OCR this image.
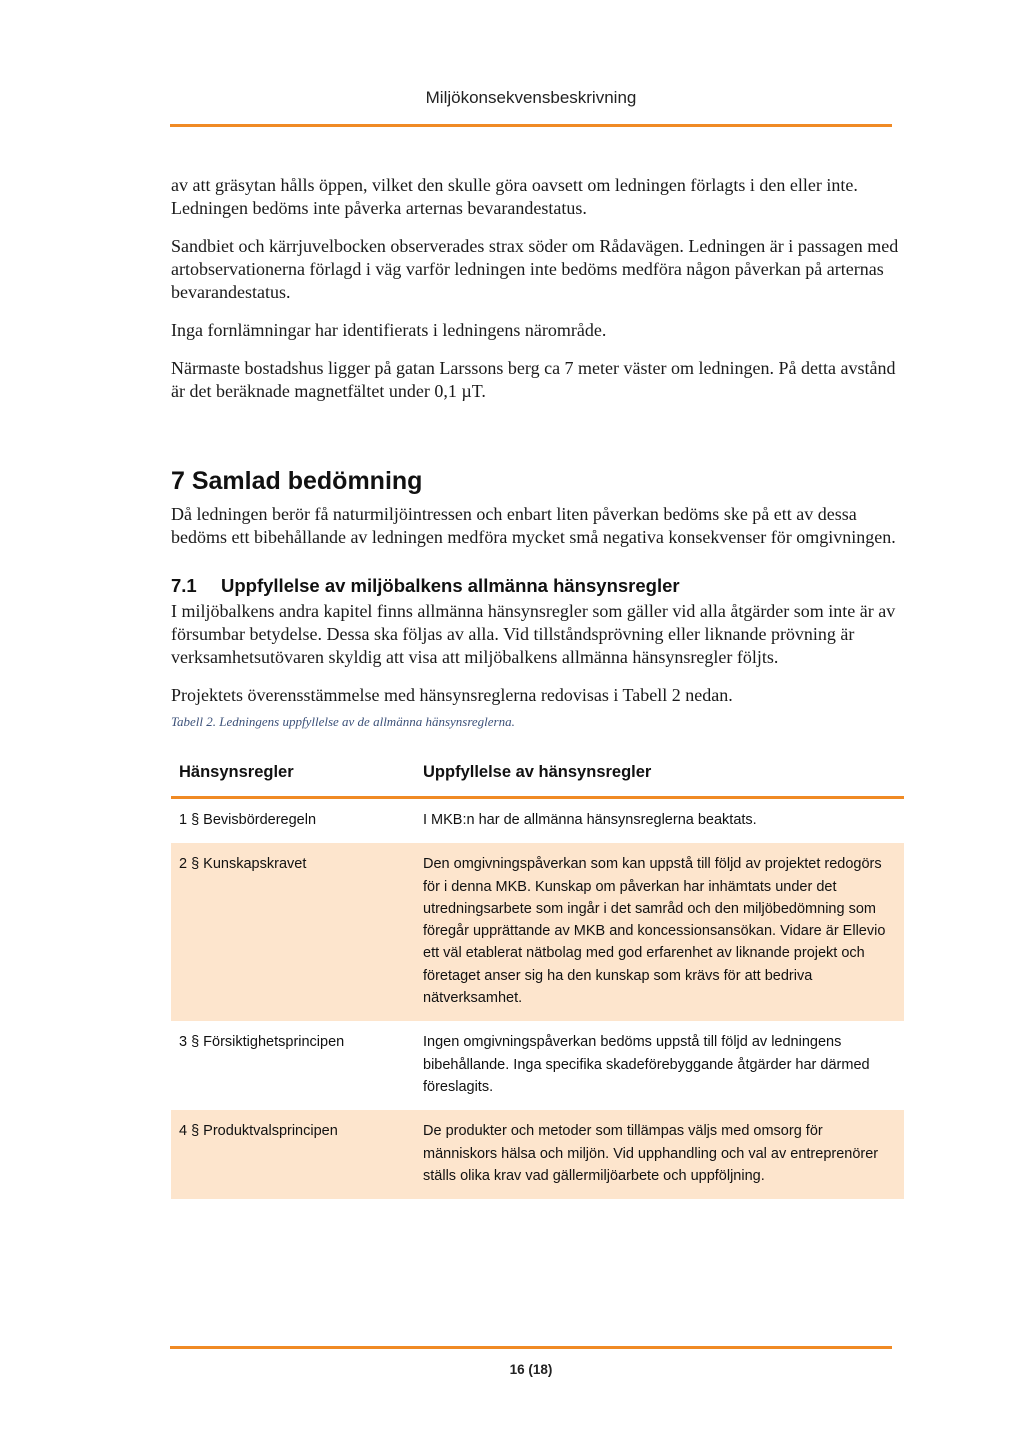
Miljökonsekvensbeskrivning

av att gräsytan hålls öppen, vilket den skulle göra oavsett om ledningen förlagts i den eller inte. Ledningen bedöms inte påverka arternas bevarandestatus.

Sandbiet och kärrjuvelbocken observerades strax söder om Rådavägen. Ledningen är i passagen med artobservationerna förlagd i väg varför ledningen inte bedöms medföra någon påverkan på arternas bevarandestatus.

Inga fornlämningar har identifierats i ledningens närområde.

Närmaste bostadshus ligger på gatan Larssons berg ca 7 meter väster om ledningen. På detta avstånd är det beräknade magnetfältet under 0,1 µT.

7 Samlad bedömning

Då ledningen berör få naturmiljöintressen och enbart liten påverkan bedöms ske på ett av dessa bedöms ett bibehållande av ledningen medföra mycket små negativa konsekvenser för omgivningen.

7.1 Uppfyllelse av miljöbalkens allmänna hänsynsregler

I miljöbalkens andra kapitel finns allmänna hänsynsregler som gäller vid alla åtgärder som inte är av försumbar betydelse. Dessa ska följas av alla. Vid tillståndsprövning eller liknande prövning är verksamhetsutövaren skyldig att visa att miljöbalkens allmänna hänsynsregler följts.

Projektets överensstämmelse med hänsynsreglerna redovisas i Tabell 2 nedan.

Tabell 2. Ledningens uppfyllelse av de allmänna hänsynsreglerna.
Hänsynsregler	Uppfyllelse av hänsynsregler
1 § Bevisbörderegeln	I MKB:n har de allmänna hänsynsreglerna beaktats.
2 § Kunskapskravet	Den omgivningspåverkan som kan uppstå till följd av projektet redogörs för i denna MKB. Kunskap om påverkan har inhämtats under det utredningsarbete som ingår i det samråd och den miljöbedömning som föregår upprättande av MKB and koncessionsansökan. Vidare är Ellevio ett väl etablerat nätbolag med god erfarenhet av liknande projekt och företaget anser sig ha den kunskap som krävs för att bedriva nätverksamhet.
3 § Försiktighetsprincipen	Ingen omgivningspåverkan bedöms uppstå till följd av ledningens bibehållande. Inga specifika skadeförebyggande åtgärder har därmed föreslagits.
4 § Produktvalsprincipen	De produkter och metoder som tillämpas väljs med omsorg för människors hälsa och miljön. Vid upphandling och val av entreprenörer ställs olika krav vad gällermiljöarbete och uppföljning.
16 (18)
